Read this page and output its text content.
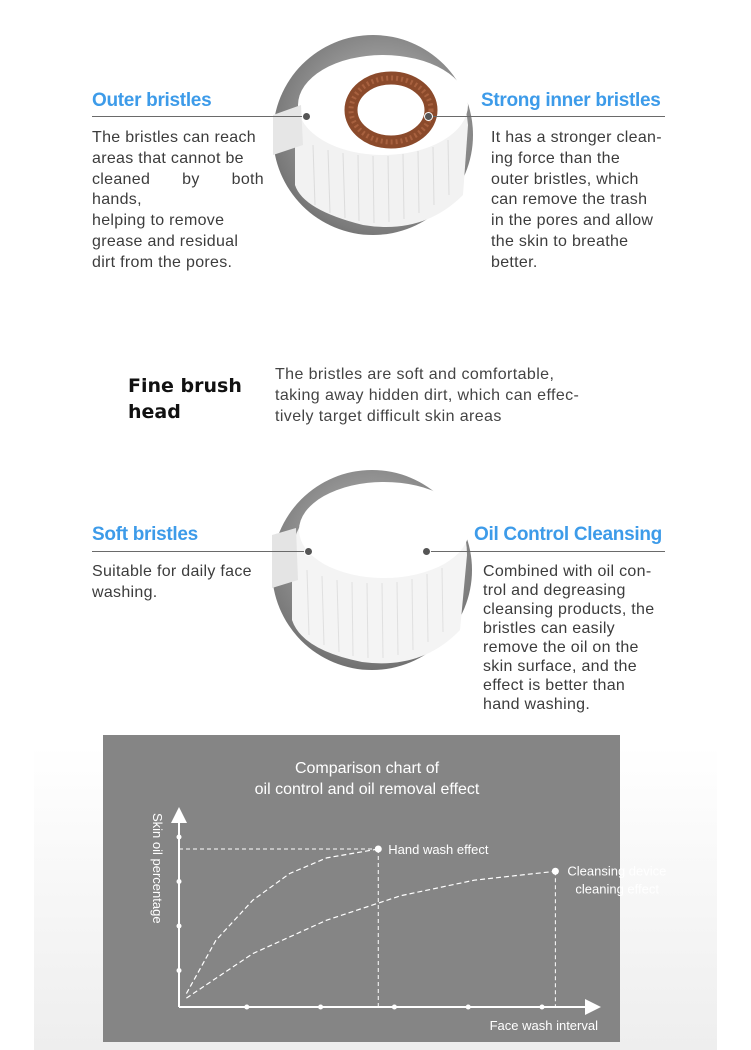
Outer bristles
The bristles can reach
areas that cannot be
cleaned by both hands,
helping to remove
grease and residual
dirt from the pores.
Strong inner bristles
It has a stronger clean-
ing force than the
outer bristles, which
can remove the trash
in the pores and allow
the skin to breathe
better.
Fine brush head
The bristles are soft and comfortable,
taking away hidden dirt, which can effec-
tively target difficult skin areas
Soft bristles
Suitable for daily face
washing.
Oil Control Cleansing
Combined with oil con-
trol and degreasing
cleansing products, the
bristles can easily
remove the oil on the
skin surface, and the
effect is better than
hand washing.
Comparison chart of
oil control and oil removal effect
Skin oil percentage
Face wash interval
Hand wash effect
Cleansing device
cleaning effect
